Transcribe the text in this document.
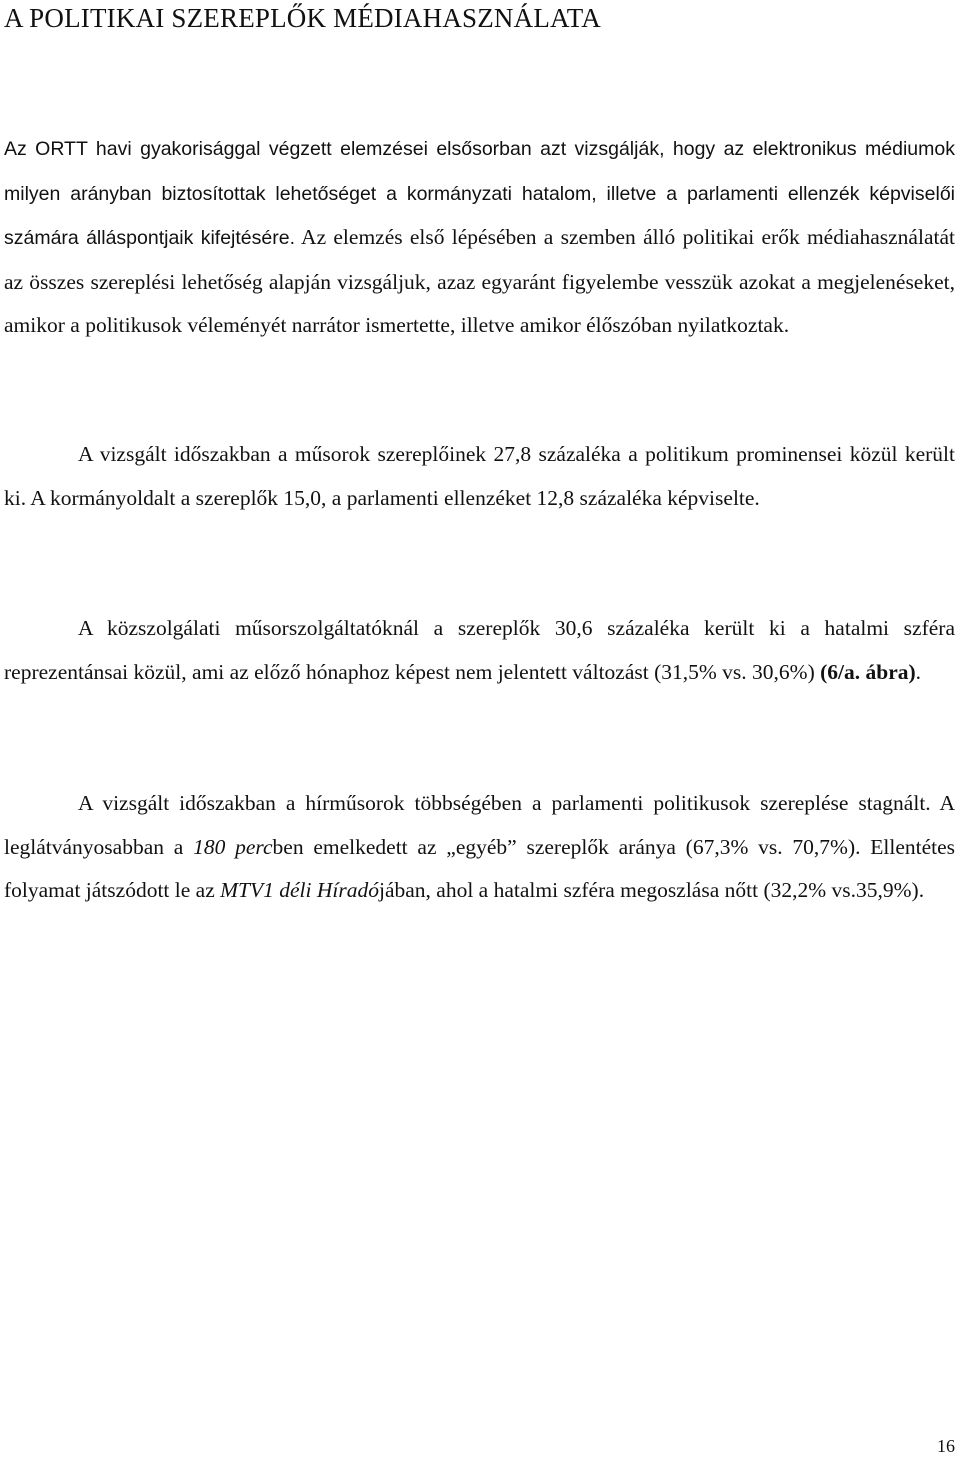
A POLITIKAI SZEREPLŐK MÉDIAHASZNÁLATA

Az ORTT havi gyakorisággal végzett elemzései elsősorban azt vizsgálják, hogy az elektronikus médiumok milyen arányban biztosítottak lehetőséget a kormányzati hatalom, illetve a parlamenti ellenzék képviselői számára álláspontjaik kifejtésére. Az elemzés első lépésében a szemben álló politikai erők médiahasználatát az összes szereplési lehetőség alapján vizsgáljuk, azaz egyaránt figyelembe vesszük azokat a megjelenéseket, amikor a politikusok véleményét narrátor ismertette, illetve amikor élőszóban nyilatkoztak.

A vizsgált időszakban a műsorok szereplőinek 27,8 százaléka a politikum prominensei közül került ki. A kormányoldalt a szereplők 15,0, a parlamenti ellenzéket 12,8 százaléka képviselte.

A közszolgálati műsorszolgáltatóknál a szereplők 30,6 százaléka került ki a hatalmi szféra reprezentánsai közül, ami az előző hónaphoz képest nem jelentett változást (31,5% vs. 30,6%) (6/a. ábra).

A vizsgált időszakban a hírműsorok többségében a parlamenti politikusok szereplése stagnált. A leglátványosabban a 180 percben emelkedett az „egyéb” szereplők aránya (67,3% vs. 70,7%). Ellentétes folyamat játszódott le az MTV1 déli Híradójában, ahol a hatalmi szféra megoszlása nőtt (32,2% vs.35,9%).

16
